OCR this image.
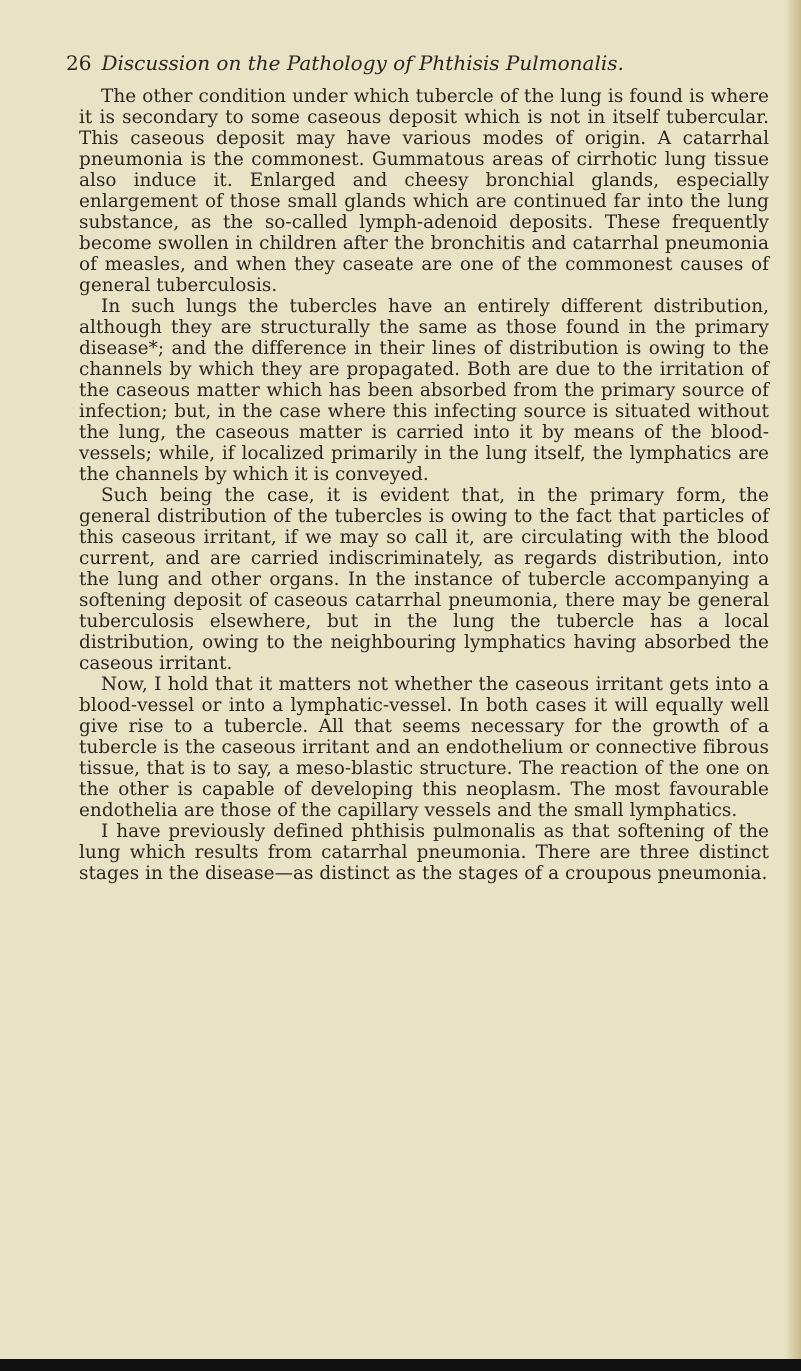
26 Discussion on the Pathology of Phthisis Pulmonalis.

The other condition under which tubercle of the lung is found is where it is secondary to some caseous deposit which is not in itself tubercular. This caseous deposit may have various modes of origin. A catarrhal pneumonia is the commonest. Gummatous areas of cirrhotic lung tissue also induce it. Enlarged and cheesy bronchial glands, especially enlargement of those small glands which are continued far into the lung substance, as the so-called lymph-adenoid deposits. These frequently become swollen in children after the bronchitis and catarrhal pneumonia of measles, and when they caseate are one of the commonest causes of general tuberculosis.

In such lungs the tubercles have an entirely different distribution, although they are structurally the same as those found in the primary disease*; and the difference in their lines of distribution is owing to the channels by which they are propagated. Both are due to the irritation of the caseous matter which has been absorbed from the primary source of infection; but, in the case where this infecting source is situated without the lung, the caseous matter is carried into it by means of the blood-vessels; while, if localized primarily in the lung itself, the lymphatics are the channels by which it is conveyed.

Such being the case, it is evident that, in the primary form, the general distribution of the tubercles is owing to the fact that particles of this caseous irritant, if we may so call it, are circulating with the blood current, and are carried indiscriminately, as regards distribution, into the lung and other organs. In the instance of tubercle accompanying a softening deposit of caseous catarrhal pneumonia, there may be general tuberculosis elsewhere, but in the lung the tubercle has a local distribution, owing to the neighbouring lymphatics having absorbed the caseous irritant.

Now, I hold that it matters not whether the caseous irritant gets into a blood-vessel or into a lymphatic-vessel. In both cases it will equally well give rise to a tubercle. All that seems necessary for the growth of a tubercle is the caseous irritant and an endothelium or connective fibrous tissue, that is to say, a meso-blastic structure. The reaction of the one on the other is capable of developing this neoplasm. The most favourable endothelia are those of the capillary vessels and the small lymphatics.

I have previously defined phthisis pulmonalis as that softening of the lung which results from catarrhal pneumonia. There are three distinct stages in the disease—as distinct as the stages of a croupous pneumonia.
